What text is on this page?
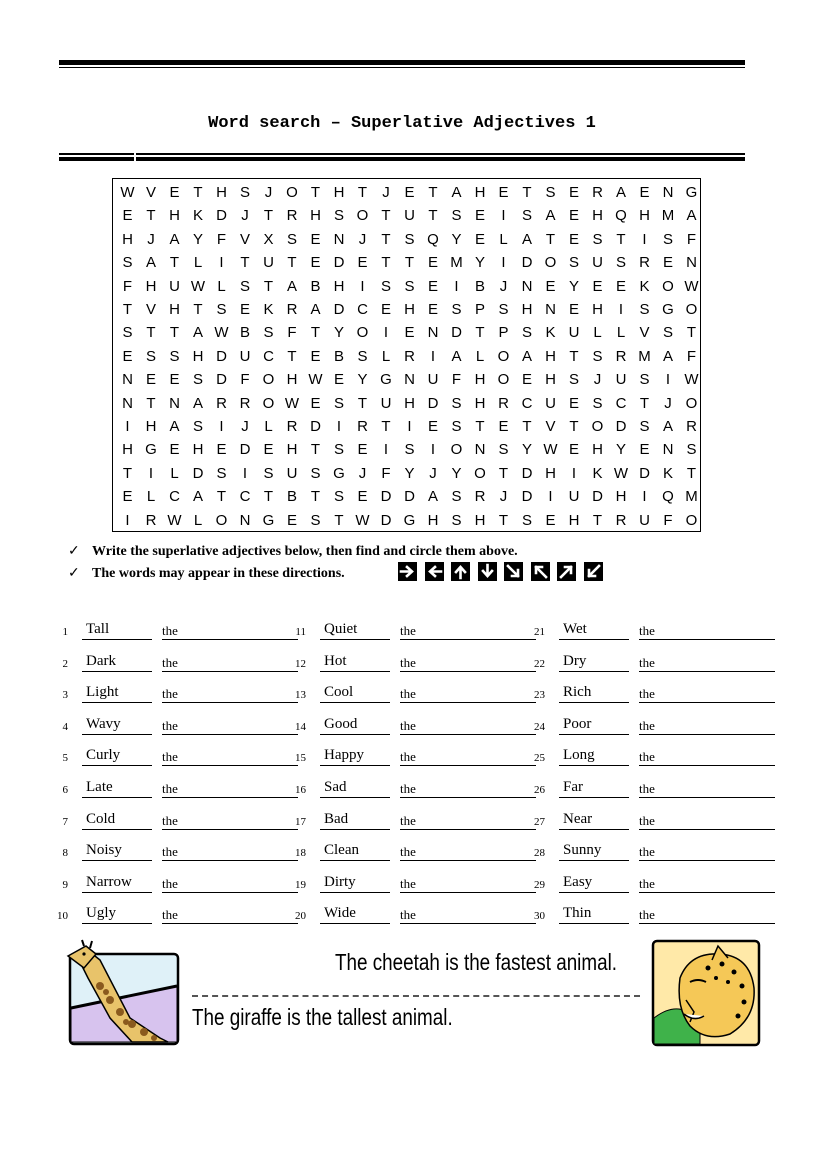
Word search – Superlative Adjectives 1
W V E T H S J O T H T	J E T A H E T S E R A E N G
E T H K D J	T R H S O T U T S E	I	S A E H Q H M A
H J A Y F V X S E N J	T S Q Y E L A T E S T	I	S F
S A T L	I	T U T E D E T T E M Y	I	D O S U S R E N
F H U W L S T A B H	I	S S E	I	B J N E Y E E K O W
T V H T S E K R A D C E H E S P S H N E H	I	S G O
S T T A W B S F T Y O	I	E N D T P S K U L	L V S T
E S S H D U C T E B S L R	I	A L O A H T S R M A F
N E E S D F O H W E Y G N U F H O E H S J U S	I W
N T N A R R O W E S T U H D S H R C U E S C T	J O
I	H A S	I	J	L R D	I	R T	I	E S T E T V T O D S A R
H G E H E D E H T S E	I	S	I	O N S Y W E H Y E N S
T	I	L D S	I	S U S G J	F Y J Y O T D H	I	K W D K T
E L C A T C T B T S E D D A S R J D	I	U D H	I	Q M
I	R W L O N G E S T W D G H S H T S E H T R U F O
✓ Write the superlative adjectives below, then find and circle them above.
✓ The words may appear in these directions.
1 Tall	the
2 Dark	the
3 Light	the
4 Wavy	the
5 Curly	the
6 Late	the
7 Cold	the
8 Noisy	the
9 Narrow	the
10 Ugly	the
11 Quiet	the
12 Hot	the
13 Cool	the
14 Good	the
15 Happy	the
16 Sad	the
17 Bad	the
18 Clean	the
19 Dirty	the
20 Wide	the
21 Wet	the
22 Dry	the
23 Rich	the
24 Poor	the
25 Long	the
26 Far	the
27 Near	the
28 Sunny	the
29 Easy	the
30 Thin	the
The cheetah is the fastest animal.
The giraffe is the tallest animal.
